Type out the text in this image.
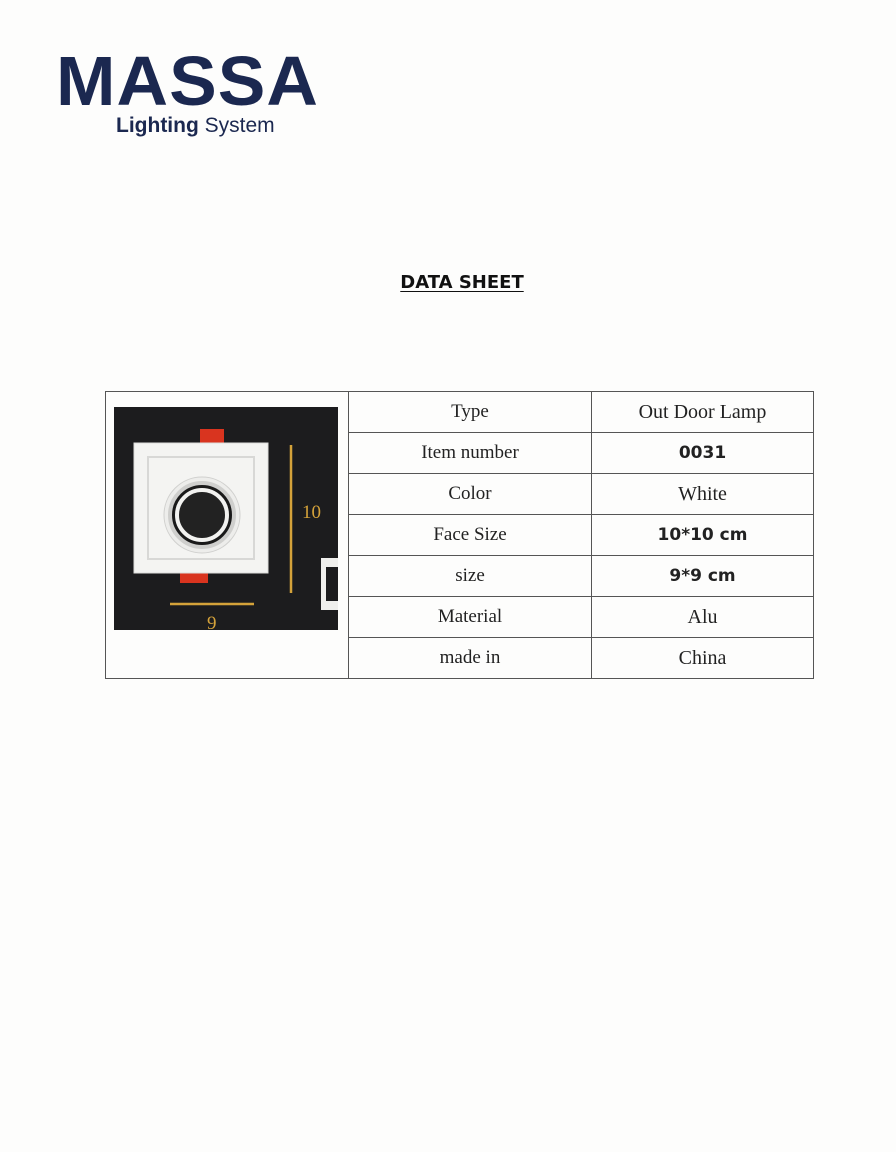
MASSA
Lighting System
DATA SHEET
10
9	Type	Out Door Lamp
	Item number	0031
	Color	White
	Face Size	10*10 cm
	size	9*9 cm
	Material	Alu
	made in	China
